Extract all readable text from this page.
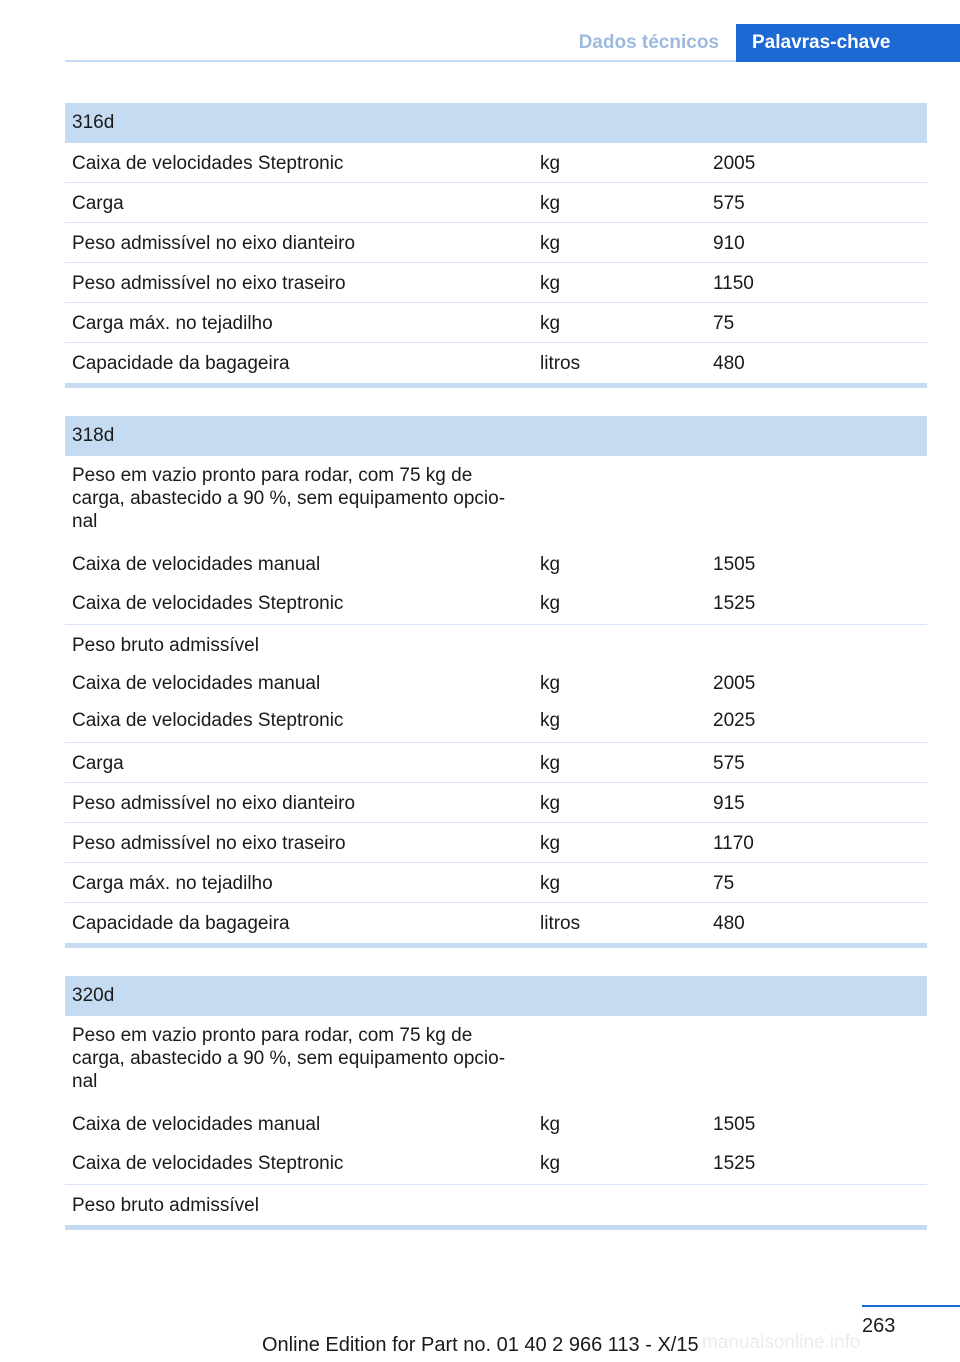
Dados técnicos	Palavras-chave
316d
Caixa de velocidades Steptronic	kg	2005
Carga	kg	575
Peso admissível no eixo dianteiro	kg	910
Peso admissível no eixo traseiro	kg	1150
Carga máx. no tejadilho	kg	75
Capacidade da bagageira	litros	480
318d
Peso em vazio pronto para rodar, com 75 kg de carga, abastecido a 90 %, sem equipamento opcio-nal
Caixa de velocidades manual	kg	1505
Caixa de velocidades Steptronic	kg	1525
Peso bruto admissível
Caixa de velocidades manual	kg	2005
Caixa de velocidades Steptronic	kg	2025
Carga	kg	575
Peso admissível no eixo dianteiro	kg	915
Peso admissível no eixo traseiro	kg	1170
Carga máx. no tejadilho	kg	75
Capacidade da bagageira	litros	480
320d
Peso em vazio pronto para rodar, com 75 kg de carga, abastecido a 90 %, sem equipamento opcio-nal
Caixa de velocidades manual	kg	1505
Caixa de velocidades Steptronic	kg	1525
Peso bruto admissível
263
Online Edition for Part no. 01 40 2 966 113 - X/15 manualsonline.info
